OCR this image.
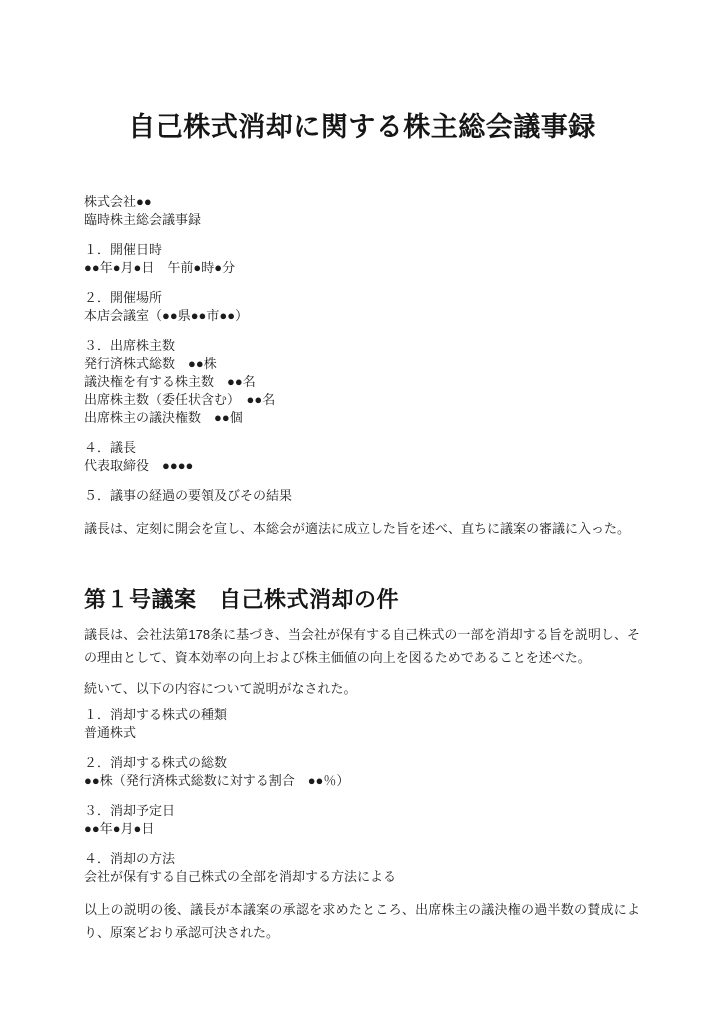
自己株式消却に関する株主総会議事録
株式会社●●
臨時株主総会議事録
１．開催日時
●●年●月●日　午前●時●分
２．開催場所
本店会議室（●●県●●市●●）
３．出席株主数
発行済株式総数　●●株
議決権を有する株主数　●●名
出席株主数（委任状含む）　●●名
出席株主の議決権数　●●個
４．議長
代表取締役　●●●●
５．議事の経過の要領及びその結果

議長は、定刻に開会を宣し、本総会が適法に成立した旨を述べ、直ちに議案の審議に入った。

第１号議案　自己株式消却の件

議長は、会社法第178条に基づき、当会社が保有する自己株式の一部を消却する旨を説明し、その理由として、資本効率の向上および株主価値の向上を図るためであることを述べた。

続いて、以下の内容について説明がなされた。

１．消却する株式の種類
普通株式
２．消却する株式の総数
●●株（発行済株式総数に対する割合　●●％）
３．消却予定日
●●年●月●日
４．消却の方法
会社が保有する自己株式の全部を消却する方法による

以上の説明の後、議長が本議案の承認を求めたところ、出席株主の議決権の過半数の賛成により、原案どおり承認可決された。
